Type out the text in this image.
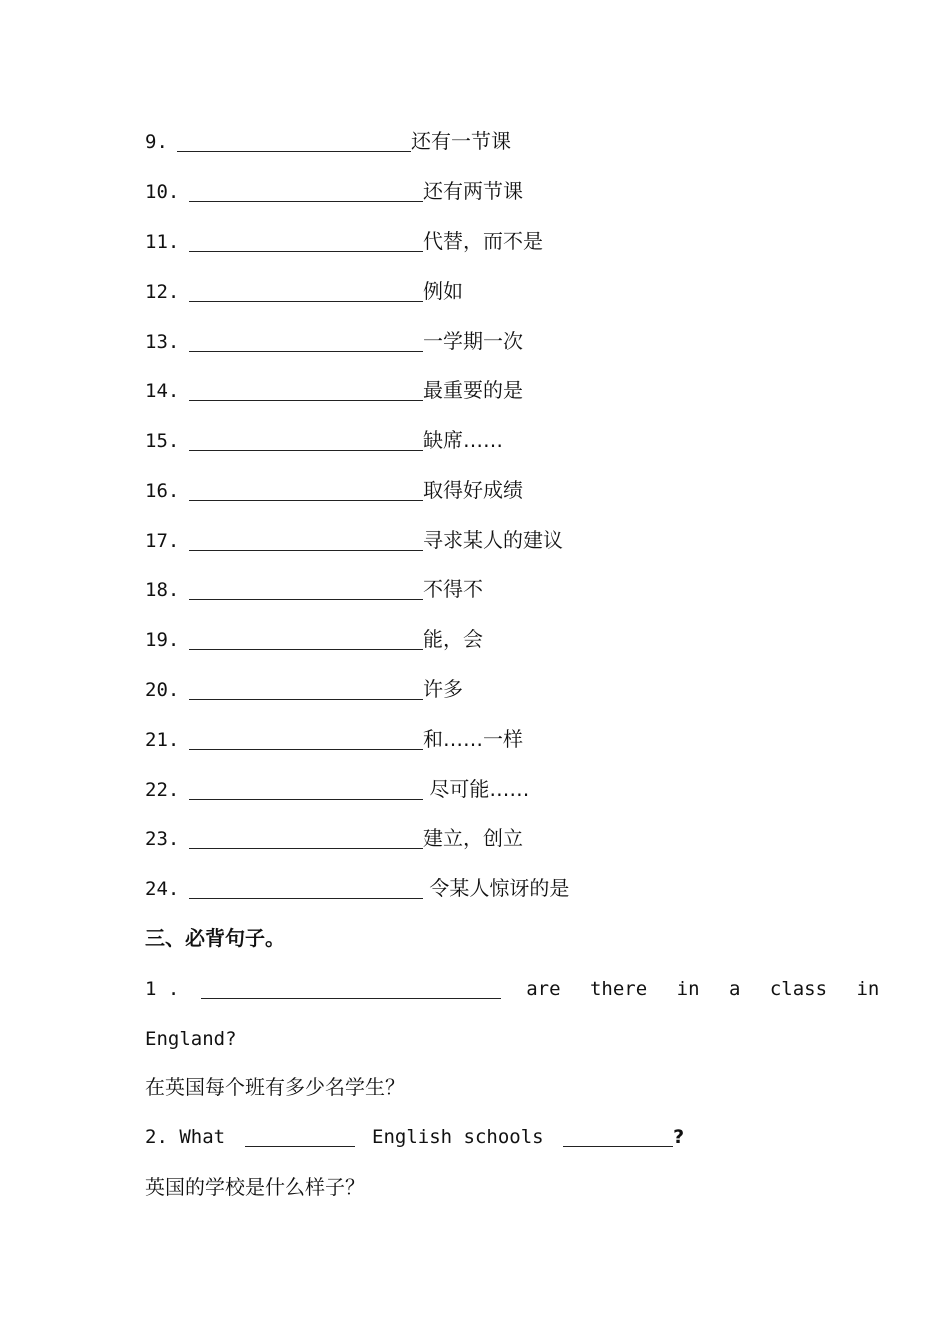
9.	还有一节课
10.	还有两节课
11.	代替，而不是
12.	例如
13.	一学期一次
14.	最重要的是
15.	缺席……
16.	取得好成绩
17.	寻求某人的建议
18.	不得不
19.	能，会
20.	许多
21.	和……一样
22.	尽可能……
23.	建立，创立
24.	令某人惊讶的是
三、必背句子。
1 .	are there in a class in
England?
在英国每个班有多少名学生？
2. What	English schools	?
英国的学校是什么样子？
